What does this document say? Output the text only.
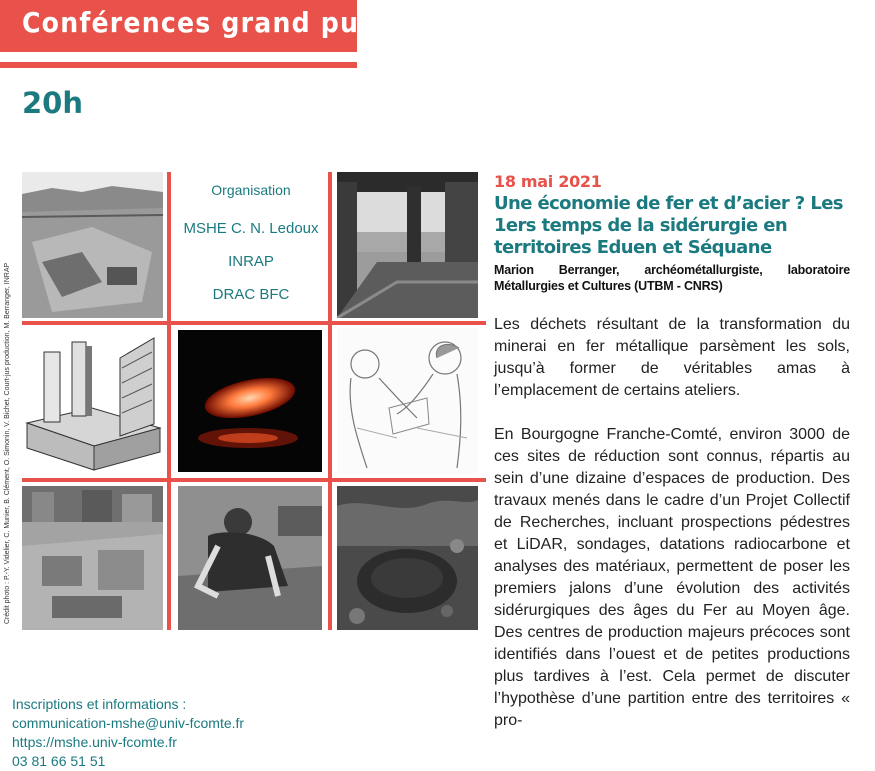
Conférences grand public
20h
Crédit photo : P.-Y. Videlier, C. Munier, B. Clément, O. Simonin, V. Bichet, Court-jus production, M. Berranger, INRAP
Organisation
MSHE C. N. Ledoux
INRAP
DRAC BFC
Inscriptions et informations :
communication-mshe@univ-fcomte.fr
https://mshe.univ-fcomte.fr
03 81 66 51 51
18 mai 2021
Une économie de fer et d’acier ? Les 1ers temps de la sidérurgie en territoires Eduen et Séquane
Marion Berranger, archéométallurgiste, laboratoire Métallurgies et Cultures (UTBM - CNRS)
Les déchets résultant de la transformation du minerai en fer métallique parsèment les sols, jusqu’à former de véritables amas à l’emplacement de certains ateliers.
En Bourgogne Franche-Comté, environ 3000 de ces sites de réduction sont connus, répartis au sein d’une dizaine d’espaces de production. Des travaux menés dans le cadre d’un Projet Collectif de Recherches, incluant prospections pédestres et LiDAR, sondages, datations radiocarbone et analyses des matériaux, permettent de poser les premiers jalons d’une évolution des activités sidérurgiques des âges du Fer au Moyen âge. Des centres de production majeurs précoces sont identifiés dans l’ouest et de petites productions plus tardives à l’est. Cela permet de discuter l’hypothèse d’une partition entre des territoires « pro-
